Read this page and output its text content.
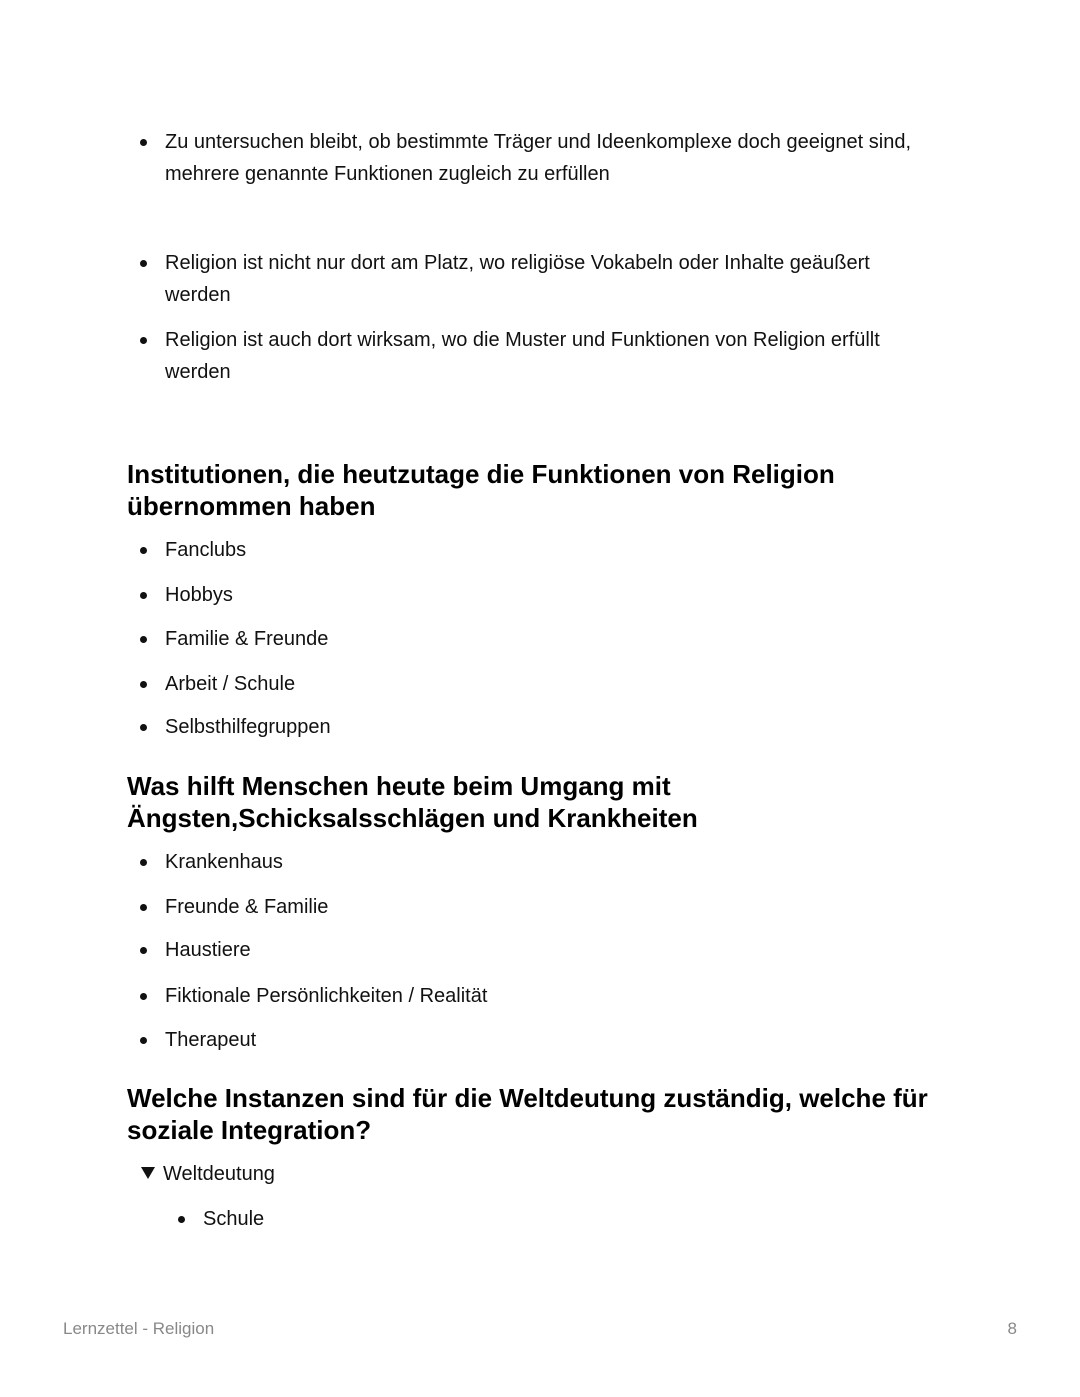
Zu untersuchen bleibt, ob bestimmte Träger und Ideenkomplexe doch geeignet sind, mehrere genannte Funktionen zugleich zu erfüllen
Religion ist nicht nur dort am Platz, wo religiöse Vokabeln oder Inhalte geäußert werden
Religion ist auch dort wirksam, wo die Muster und Funktionen von Religion erfüllt werden
Institutionen, die heutzutage die Funktionen von Religion übernommen haben
Fanclubs
Hobbys
Familie & Freunde
Arbeit / Schule
Selbsthilfegruppen
Was hilft Menschen heute beim Umgang mit Ängsten,Schicksalsschlägen und Krankheiten
Krankenhaus
Freunde & Familie
Haustiere
Fiktionale Persönlichkeiten / Realität
Therapeut
Welche Instanzen sind für die Weltdeutung zuständig, welche für soziale Integration?
Weltdeutung
Schule
Lernzettel - Religion	8
